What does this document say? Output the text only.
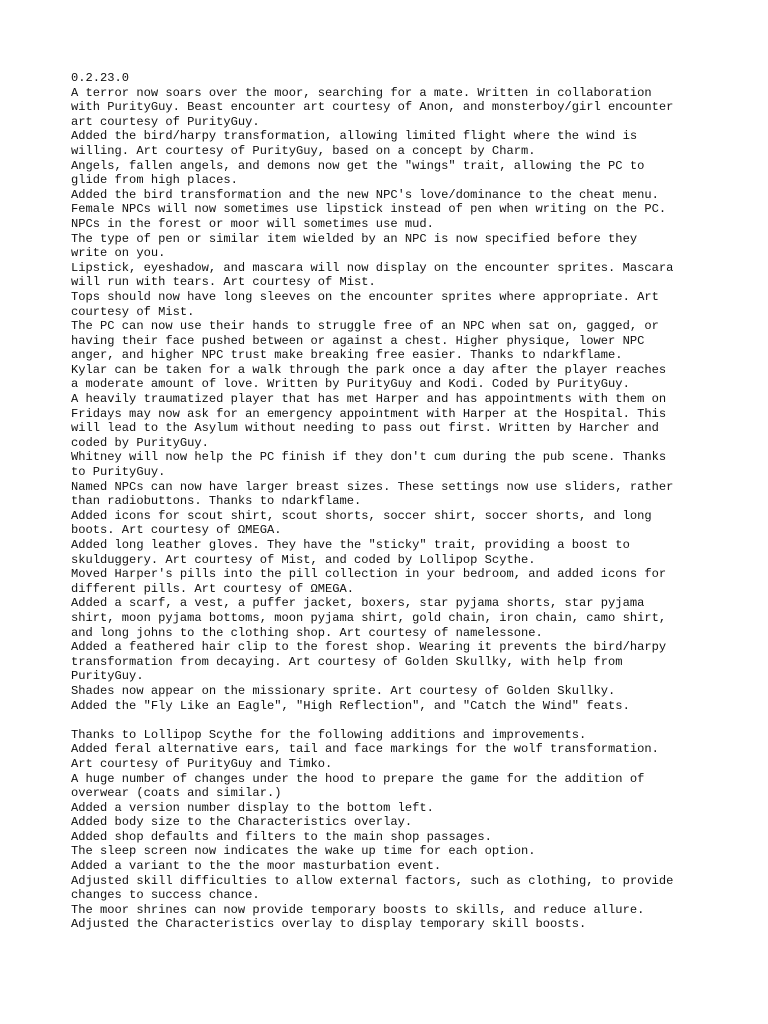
0.2.23.0
A terror now soars over the moor, searching for a mate. Written in collaboration
with PurityGuy. Beast encounter art courtesy of Anon, and monsterboy/girl encounter
art courtesy of PurityGuy.
Added the bird/harpy transformation, allowing limited flight where the wind is
willing. Art courtesy of PurityGuy, based on a concept by Charm.
Angels, fallen angels, and demons now get the "wings" trait, allowing the PC to
glide from high places.
Added the bird transformation and the new NPC's love/dominance to the cheat menu.
Female NPCs will now sometimes use lipstick instead of pen when writing on the PC.
NPCs in the forest or moor will sometimes use mud.
The type of pen or similar item wielded by an NPC is now specified before they
write on you.
Lipstick, eyeshadow, and mascara will now display on the encounter sprites. Mascara
will run with tears. Art courtesy of Mist.
Tops should now have long sleeves on the encounter sprites where appropriate. Art
courtesy of Mist.
The PC can now use their hands to struggle free of an NPC when sat on, gagged, or
having their face pushed between or against a chest. Higher physique, lower NPC
anger, and higher NPC trust make breaking free easier. Thanks to ndarkflame.
Kylar can be taken for a walk through the park once a day after the player reaches
a moderate amount of love. Written by PurityGuy and Kodi. Coded by PurityGuy.
A heavily traumatized player that has met Harper and has appointments with them on
Fridays may now ask for an emergency appointment with Harper at the Hospital. This
will lead to the Asylum without needing to pass out first. Written by Harcher and
coded by PurityGuy.
Whitney will now help the PC finish if they don't cum during the pub scene. Thanks
to PurityGuy.
Named NPCs can now have larger breast sizes. These settings now use sliders, rather
than radiobuttons. Thanks to ndarkflame.
Added icons for scout shirt, scout shorts, soccer shirt, soccer shorts, and long
boots. Art courtesy of ΩMEGA.
Added long leather gloves. They have the "sticky" trait, providing a boost to
skulduggery. Art courtesy of Mist, and coded by Lollipop Scythe.
Moved Harper's pills into the pill collection in your bedroom, and added icons for
different pills. Art courtesy of ΩMEGA.
Added a scarf, a vest, a puffer jacket, boxers, star pyjama shorts, star pyjama
shirt, moon pyjama bottoms, moon pyjama shirt, gold chain, iron chain, camo shirt,
and long johns to the clothing shop. Art courtesy of namelessone.
Added a feathered hair clip to the forest shop. Wearing it prevents the bird/harpy
transformation from decaying. Art courtesy of Golden Skullky, with help from
PurityGuy.
Shades now appear on the missionary sprite. Art courtesy of Golden Skullky.
Added the "Fly Like an Eagle", "High Reflection", and "Catch the Wind" feats.
Thanks to Lollipop Scythe for the following additions and improvements.
Added feral alternative ears, tail and face markings for the wolf transformation.
Art courtesy of PurityGuy and Timko.
A huge number of changes under the hood to prepare the game for the addition of
overwear (coats and similar.)
Added a version number display to the bottom left.
Added body size to the Characteristics overlay.
Added shop defaults and filters to the main shop passages.
The sleep screen now indicates the wake up time for each option.
Added a variant to the the moor masturbation event.
Adjusted skill difficulties to allow external factors, such as clothing, to provide
changes to success chance.
The moor shrines can now provide temporary boosts to skills, and reduce allure.
Adjusted the Characteristics overlay to display temporary skill boosts.
